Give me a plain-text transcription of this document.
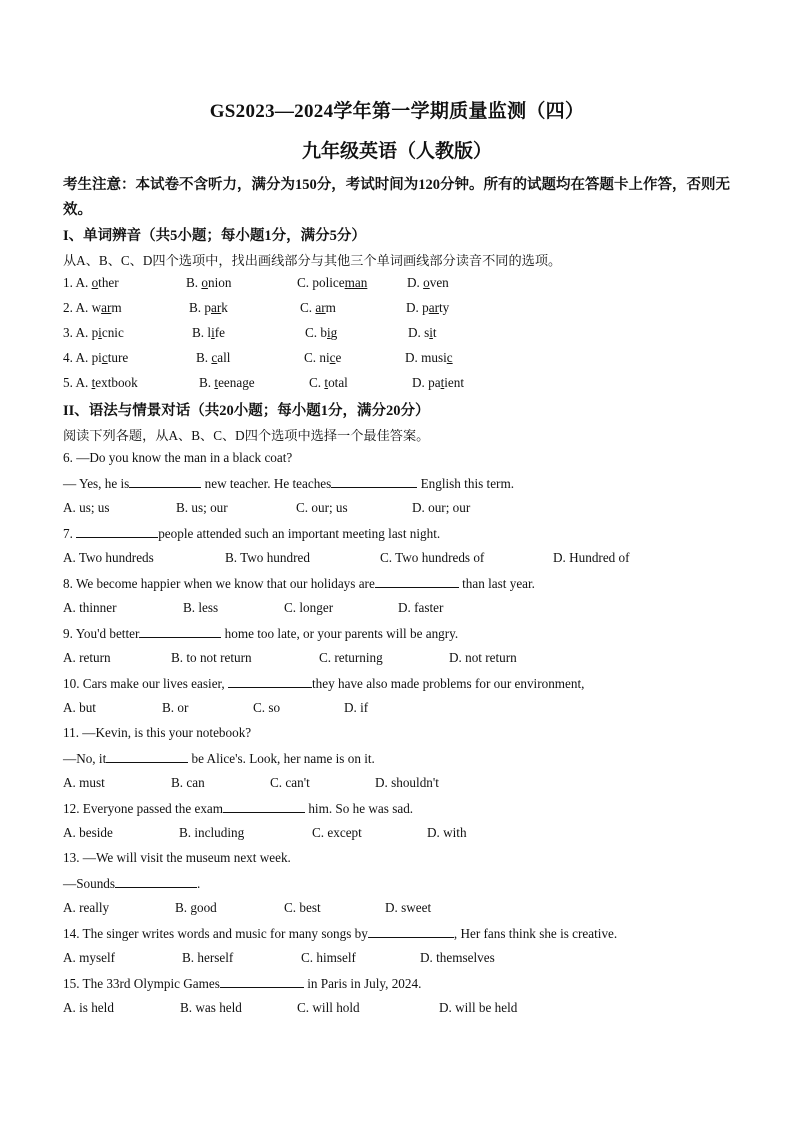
GS2023—2024学年第一学期质量监测（四）
九年级英语（人教版）
考生注意：本试卷不含听力，满分为150分，考试时间为120分钟。所有的试题均在答题卡上作答，否则无效。
I、单词辨音（共5小题；每小题1分，满分5分）
从A、B、C、D四个选项中，找出画线部分与其他三个单词画线部分读音不同的选项。
1. A. other	B. onion	C. policeman	D. oven
2. A. warm	B. park	C. arm	D. party
3. A. picnic	B. life	C. big	D. sit
4. A. picture	B. call	C. nice	D. music
5. A. textbook	B. teenage	C. total	D. patient
II、语法与情景对话（共20小题；每小题1分，满分20分）
阅读下列各题，从A、B、C、D四个选项中选择一个最佳答案。
6. —Do you know the man in a black coat?
— Yes, he is	new teacher. He teaches	English this term.
A. us; us	B. us; our	C. our; us	D. our; our
7.	people attended such an important meeting last night.
A. Two hundreds	B. Two hundred	C. Two hundreds of	D. Hundred of
8. We become happier when we know that our holidays are	than last year.
A. thinner	B. less	C. longer	D. faster
9. You'd better	home too late, or your parents will be angry.
A. return	B. to not return	C. returning	D. not return
10. Cars make our lives easier,	they have also made problems for our environment,
A. but	B. or	C. so	D. if
11. —Kevin, is this your notebook?
—No, it	be Alice's. Look, her name is on it.
A. must	B. can	C. can't	D. shouldn't
12. Everyone passed the exam	him. So he was sad.
A. beside	B. including	C. except	D. with
13. —We will visit the museum next week.
—Sounds	.
A. really	B. good	C. best	D. sweet
14. The singer writes words and music for many songs by	, Her fans think she is creative.
A. myself	B. herself	C. himself	D. themselves
15. The 33rd Olympic Games	in Paris in July, 2024.
A. is held	B. was held	C. will hold	D. will be held
